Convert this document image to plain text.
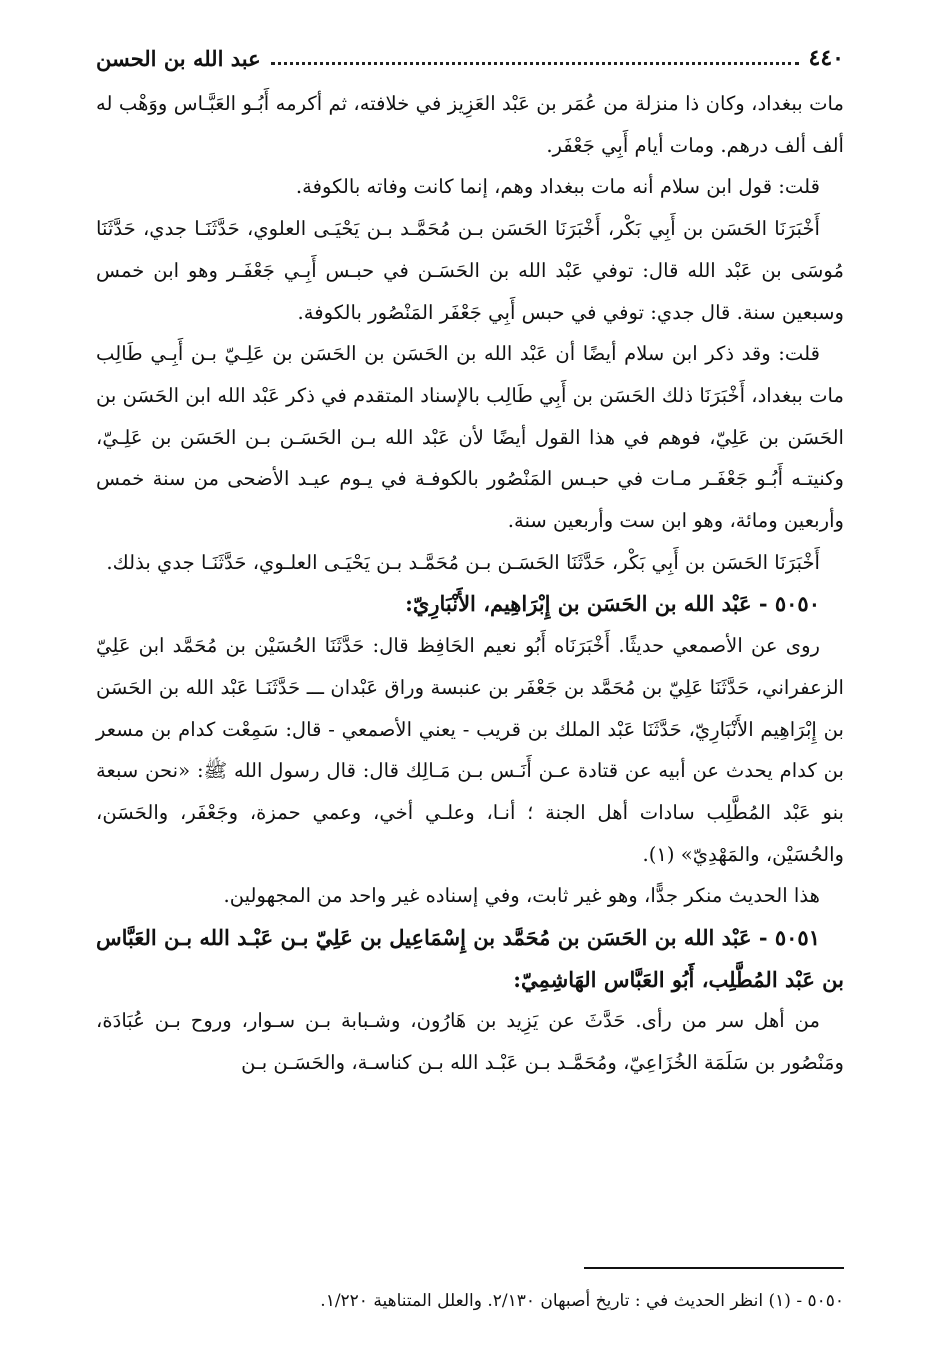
٤٤٠
عبد الله بن الحسن

مات ببغداد، وكان ذا منزلة من عُمَر بن عَبْد العَزِيز في خلافته، ثم أكرمه أَبُـو العَبَّـاس ووَهْب له ألف ألف درهم. ومات أيام أَبِي جَعْفَر.

قلت: قول ابن سلام أنه مات ببغداد وهم، إنما كانت وفاته بالكوفة.

أَخْبَرَنَا الحَسَن بن أَبِي بَكْر، أَخْبَرَنَا الحَسَن بـن مُحَمَّـد بـن يَحْيَـى العلوي، حَدَّثَنَـا جدي، حَدَّثَنَا مُوسَى بن عَبْد الله قال: توفي عَبْد الله بن الحَسَـن في حبـس أَبِـي جَعْفَـر وهو ابن خمس وسبعين سنة. قال جدي: توفي في حبس أَبِي جَعْفَر المَنْصُور بالكوفة.

قلت: وقد ذكر ابن سلام أيضًا أن عَبْد الله بن الحَسَن بن الحَسَن بن عَلِـيّ بـن أَبِـي طَالِب مات ببغداد، أَخْبَرَنَا ذلك الحَسَن بن أَبِي طَالِب بالإسناد المتقدم في ذكر عَبْد الله ابن الحَسَن بن الحَسَن بن عَلِيّ، فوهم في هذا القول أيضًا لأن عَبْد الله بـن الحَسَـن بـن الحَسَن بن عَلِـيّ، وكنيتـه أَبُـو جَعْفَـر مـات في حبـس المَنْصُور بالكوفـة في يـوم عيـد الأضحى من سنة خمس وأربعين ومائة، وهو ابن ست وأربعين سنة.

أَخْبَرَنَا الحَسَن بن أَبِي بَكْر، حَدَّثَنَا الحَسَـن بـن مُحَمَّـد بـن يَحْيَـى العلـوي، حَدَّثَنَـا جدي بذلك.

٥٠٥٠ - عَبْد الله بن الحَسَن بن إِبْرَاهِيم، الأَنْبَارِيّ:

روى عن الأصمعي حديثًا. أَخْبَرَنَاه أَبُو نعيم الحَافِظ قال: حَدَّثَنَا الحُسَيْن بن مُحَمَّد ابن عَلِيّ الزعفراني، حَدَّثَنَا عَلِيّ بن مُحَمَّد بن جَعْفَر بن عنبسة وراق عَبْدان ـــ حَدَّثَنَـا عَبْد الله بن الحَسَن بن إِبْرَاهِيم الأَنْبَارِيّ، حَدَّثَنَا عَبْد الملك بن قريب - يعني الأصمعي - قال: سَمِعْت كدام بن مسعر بن كدام يحدث عن أبيه عن قتادة عـن أَنَـس بـن مَـالِك قال: قال رسول الله ﷺ: «نحن سبعة بنو عَبْد المُطَّلِب سادات أهل الجنة ؛ أنـا، وعلـي أخي، وعمي حمزة، وجَعْفَر، والحَسَن، والحُسَيْن، والمَهْدِيّ» (١).

هذا الحديث منكر جدًّا، وهو غير ثابت، وفي إسناده غير واحد من المجهولين.

٥٠٥١ - عَبْد الله بن الحَسَن بن مُحَمَّد بن إِسْمَاعِيل بن عَلِيّ بـن عَبْـد الله بـن العَبَّاس بن عَبْد المُطَّلِب، أَبُو العَبَّاس الهَاشِمِيّ:

من أهل سر من رأى. حَدَّثَ عن يَزِيد بن هَارُون، وشـبابة بـن سـوار، وروح بـن عُبَادَة، ومَنْصُور بن سَلَمَة الخُزَاعِيّ، ومُحَمَّـد بـن عَبْـد الله بـن كناسـة، والحَسَـن بـن

٥٠٥٠ - (١) انظر الحديث في : تاريخ أصبهان ٢/١٣٠. والعلل المتناهية ١/٢٢٠.
